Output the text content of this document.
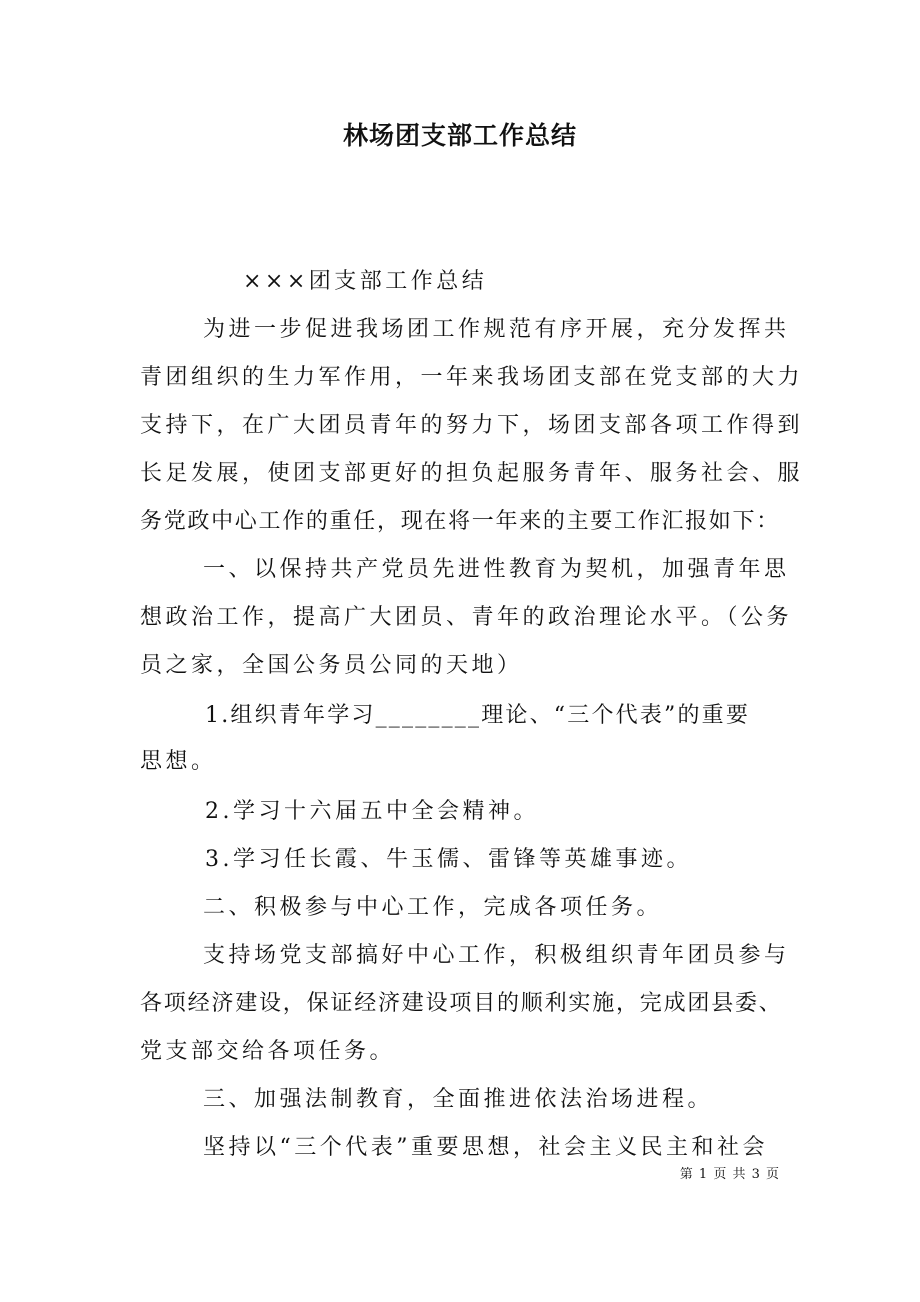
林场团支部工作总结
×××团支部工作总结
为进一步促进我场团工作规范有序开展，充分发挥共
青团组织的生力军作用，一年来我场团支部在党支部的大力
支持下，在广大团员青年的努力下，场团支部各项工作得到
长足发展，使团支部更好的担负起服务青年、服务社会、服
务党政中心工作的重任，现在将一年来的主要工作汇报如下：
一、以保持共产党员先进性教育为契机，加强青年思
想政治工作，提高广大团员、青年的政治理论水平。（公务
员之家，全国公务员公同的天地）
1.组织青年学习________理论、“三个代表”的重要
思想。
2.学习十六届五中全会精神。
3.学习任长霞、牛玉儒、雷锋等英雄事迹。
二、积极参与中心工作，完成各项任务。
支持场党支部搞好中心工作，积极组织青年团员参与
各项经济建设，保证经济建设项目的顺利实施，完成团县委、
党支部交给各项任务。
三、加强法制教育，全面推进依法治场进程。
坚持以“三个代表”重要思想，社会主义民主和社会
第 1 页 共 3 页
